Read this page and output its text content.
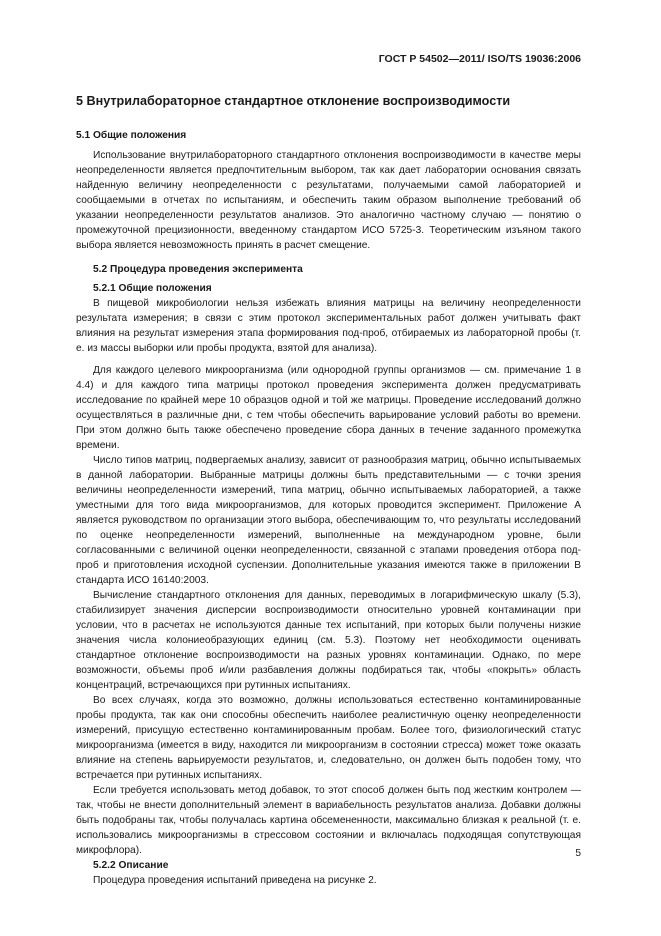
ГОСТ Р 54502—2011/ ISO/TS 19036:2006
5 Внутрилабораторное стандартное отклонение воспроизводимости
5.1 Общие положения

Использование внутрилабораторного стандартного отклонения воспроизводимости в качестве меры неопределенности является предпочтительным выбором, так как дает лаборатории основания связать найденную величину неопределенности с результатами, получаемыми самой лабораторией и сообщаемыми в отчетах по испытаниям, и обеспечить таким образом выполнение требований об указании неопределенности результатов анализов. Это аналогично частному случаю — понятию о промежуточной прецизионности, введенному стандартом ИСО 5725-3. Теоретическим изъяном такого выбора является невозможность принять в расчет смещение.

5.2 Процедура проведения эксперимента
5.2.1 Общие положения

В пищевой микробиологии нельзя избежать влияния матрицы на величину неопределенности результата измерения; в связи с этим протокол экспериментальных работ должен учитывать факт влияния на результат измерения этапа формирования под-проб, отбираемых из лабораторной пробы (т. е. из массы выборки или пробы продукта, взятой для анализа).

Для каждого целевого микроорганизма (или однородной группы организмов — см. примечание 1 в 4.4) и для каждого типа матрицы протокол проведения эксперимента должен предусматривать исследование по крайней мере 10 образцов одной и той же матрицы. Проведение исследований должно осуществляться в различные дни, с тем чтобы обеспечить варьирование условий работы во времени. При этом должно быть также обеспечено проведение сбора данных в течение заданного промежутка времени.

Число типов матриц, подвергаемых анализу, зависит от разнообразия матриц, обычно испытываемых в данной лаборатории. Выбранные матрицы должны быть представительными — с точки зрения величины неопределенности измерений, типа матриц, обычно испытываемых лабораторией, а также уместными для того вида микроорганизмов, для которых проводится эксперимент. Приложение А является руководством по организации этого выбора, обеспечивающим то, что результаты исследований по оценке неопределенности измерений, выполненные на международном уровне, были согласованными с величиной оценки неопределенности, связанной с этапами проведения отбора под-проб и приготовления исходной суспензии. Дополнительные указания имеются также в приложении В стандарта ИСО 16140:2003.

Вычисление стандартного отклонения для данных, переводимых в логарифмическую шкалу (5.3), стабилизирует значения дисперсии воспроизводимости относительно уровней контаминации при условии, что в расчетах не используются данные тех испытаний, при которых были получены низкие значения числа колониеобразующих единиц (см. 5.3). Поэтому нет необходимости оценивать стандартное отклонение воспроизводимости на разных уровнях контаминации. Однако, по мере возможности, объемы проб и/или разбавления должны подбираться так, чтобы «покрыть» область концентраций, встречающихся при рутинных испытаниях.

Во всех случаях, когда это возможно, должны использоваться естественно контаминированные пробы продукта, так как они способны обеспечить наиболее реалистичную оценку неопределенности измерений, присущую естественно контаминированным пробам. Более того, физиологический статус микроорганизма (имеется в виду, находится ли микроорганизм в состоянии стресса) может тоже оказать влияние на степень варьируемости результатов, и, следовательно, он должен быть подобен тому, что встречается при рутинных испытаниях.

Если требуется использовать метод добавок, то этот способ должен быть под жестким контролем — так, чтобы не внести дополнительный элемент в вариабельность результатов анализа. Добавки должны быть подобраны так, чтобы получалась картина обсемененности, максимально близкая к реальной (т. е. использовались микроорганизмы в стрессовом состоянии и включалась подходящая сопутствующая микрофлора).

5.2.2 Описание

Процедура проведения испытаний приведена на рисунке 2.

5
